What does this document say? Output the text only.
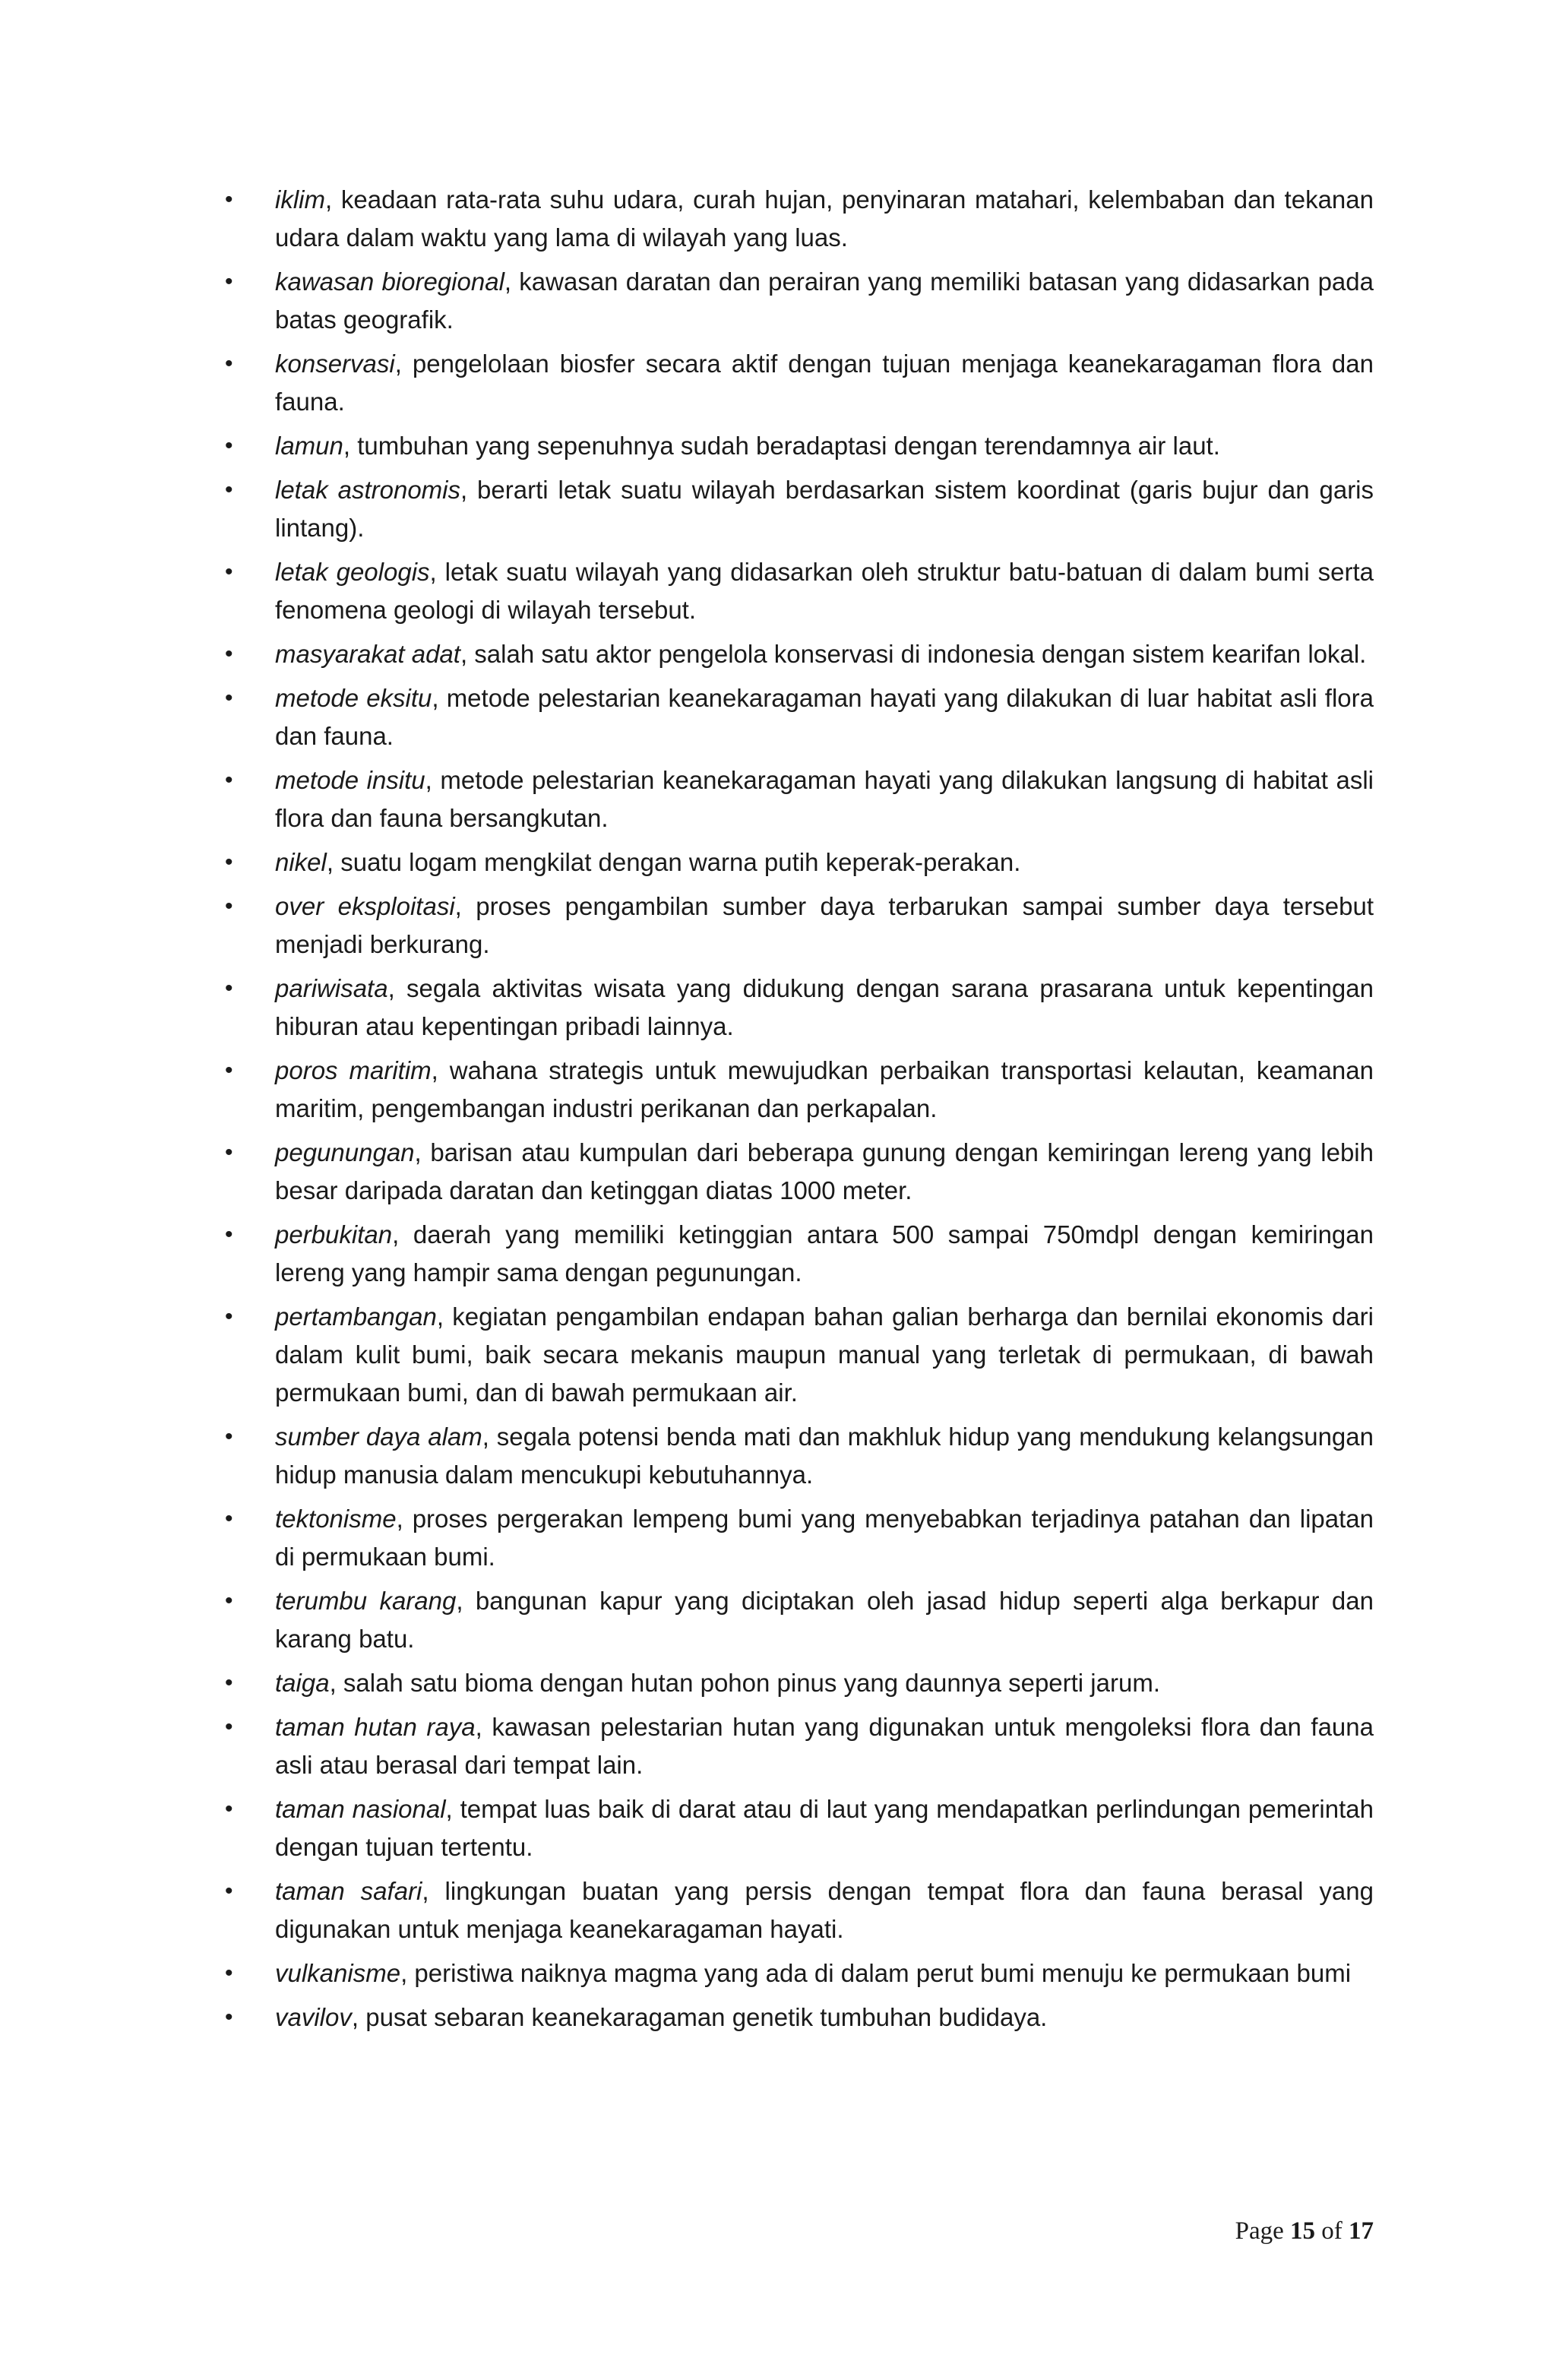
• iklim, keadaan rata-rata suhu udara, curah hujan, penyinaran matahari, kelembaban dan tekanan udara dalam waktu yang lama di wilayah yang luas.
• kawasan bioregional, kawasan daratan dan perairan yang memiliki batasan yang didasarkan pada batas geografik.
• konservasi, pengelolaan biosfer secara aktif dengan tujuan menjaga keanekaragaman flora dan fauna.
• lamun, tumbuhan yang sepenuhnya sudah beradaptasi dengan terendamnya air laut.
• letak astronomis, berarti letak suatu wilayah berdasarkan sistem koordinat (garis bujur dan garis lintang).
• letak geologis, letak suatu wilayah yang didasarkan oleh struktur batu-batuan di dalam bumi serta fenomena geologi di wilayah tersebut.
• masyarakat adat, salah satu aktor pengelola konservasi di indonesia dengan sistem kearifan lokal.
• metode eksitu, metode pelestarian keanekaragaman hayati yang dilakukan di luar habitat asli flora dan fauna.
• metode insitu, metode pelestarian keanekaragaman hayati yang dilakukan langsung di habitat asli flora dan fauna bersangkutan.
• nikel, suatu logam mengkilat dengan warna putih keperak-perakan.
• over eksploitasi, proses pengambilan sumber daya terbarukan sampai sumber daya tersebut menjadi berkurang.
• pariwisata, segala aktivitas wisata yang didukung dengan sarana prasarana untuk kepentingan hiburan atau kepentingan pribadi lainnya.
• poros maritim, wahana strategis untuk mewujudkan perbaikan transportasi kelautan, keamanan maritim, pengembangan industri perikanan dan perkapalan.
• pegunungan, barisan atau kumpulan dari beberapa gunung dengan kemiringan lereng yang lebih besar daripada daratan dan ketinggan diatas 1000 meter.
• perbukitan, daerah yang memiliki ketinggian antara 500 sampai 750mdpl dengan kemiringan lereng yang hampir sama dengan pegunungan.
• pertambangan, kegiatan pengambilan endapan bahan galian berharga dan bernilai ekonomis dari dalam kulit bumi, baik secara mekanis maupun manual yang terletak di permukaan, di bawah permukaan bumi, dan di bawah permukaan air.
• sumber daya alam, segala potensi benda mati dan makhluk hidup yang mendukung kelangsungan hidup manusia dalam mencukupi kebutuhannya.
• tektonisme, proses pergerakan lempeng bumi yang menyebabkan terjadinya patahan dan lipatan di permukaan bumi.
• terumbu karang, bangunan kapur yang diciptakan oleh jasad hidup seperti alga berkapur dan karang batu.
• taiga, salah satu bioma dengan hutan pohon pinus yang daunnya seperti jarum.
• taman hutan raya, kawasan pelestarian hutan yang digunakan untuk mengoleksi flora dan fauna asli atau berasal dari tempat lain.
• taman nasional, tempat luas baik di darat atau di laut yang mendapatkan perlindungan pemerintah dengan tujuan tertentu.
• taman safari, lingkungan buatan yang persis dengan tempat flora dan fauna berasal yang digunakan untuk menjaga keanekaragaman hayati.
• vulkanisme, peristiwa naiknya magma yang ada di dalam perut bumi menuju ke permukaan bumi
• vavilov, pusat sebaran keanekaragaman genetik tumbuhan budidaya.
Page 15 of 17
